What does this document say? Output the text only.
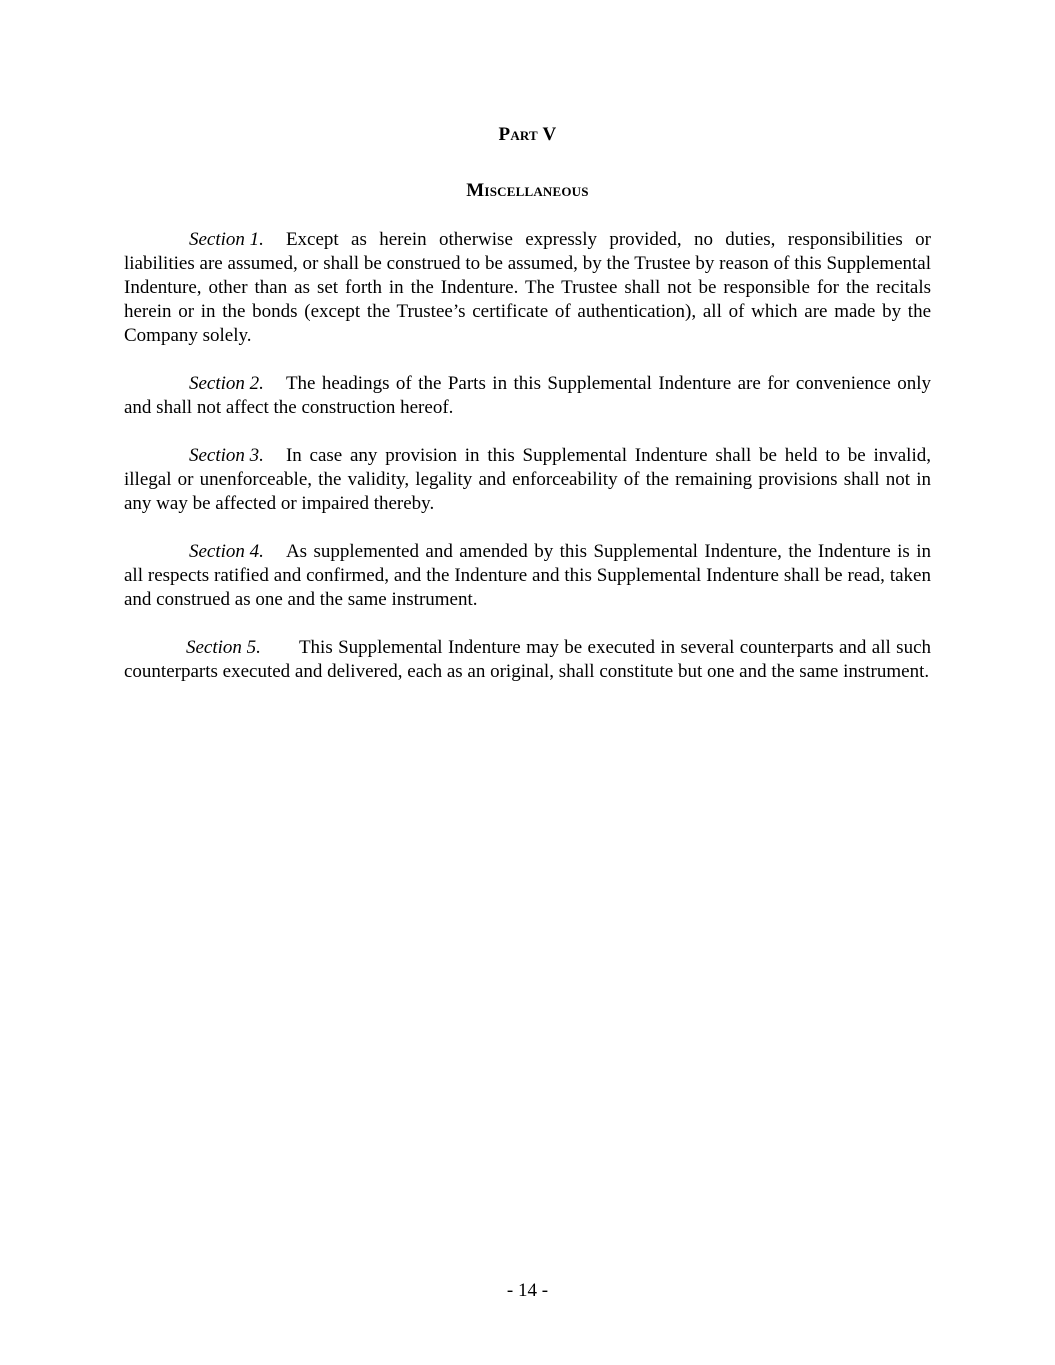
Part V
Miscellaneous

Section 1. Except as herein otherwise expressly provided, no duties, responsibilities or liabilities are assumed, or shall be construed to be assumed, by the Trustee by reason of this Supplemental Indenture, other than as set forth in the Indenture. The Trustee shall not be responsible for the recitals herein or in the bonds (except the Trustee’s certificate of authentication), all of which are made by the Company solely.

Section 2. The headings of the Parts in this Supplemental Indenture are for convenience only and shall not affect the construction hereof.

Section 3. In case any provision in this Supplemental Indenture shall be held to be invalid, illegal or unenforceable, the validity, legality and enforceability of the remaining provisions shall not in any way be affected or impaired thereby.

Section 4. As supplemented and amended by this Supplemental Indenture, the Indenture is in all respects ratified and confirmed, and the Indenture and this Supplemental Indenture shall be read, taken and construed as one and the same instrument.

Section 5. This Supplemental Indenture may be executed in several counterparts and all such counterparts executed and delivered, each as an original, shall constitute but one and the same instrument.

- 14 -
